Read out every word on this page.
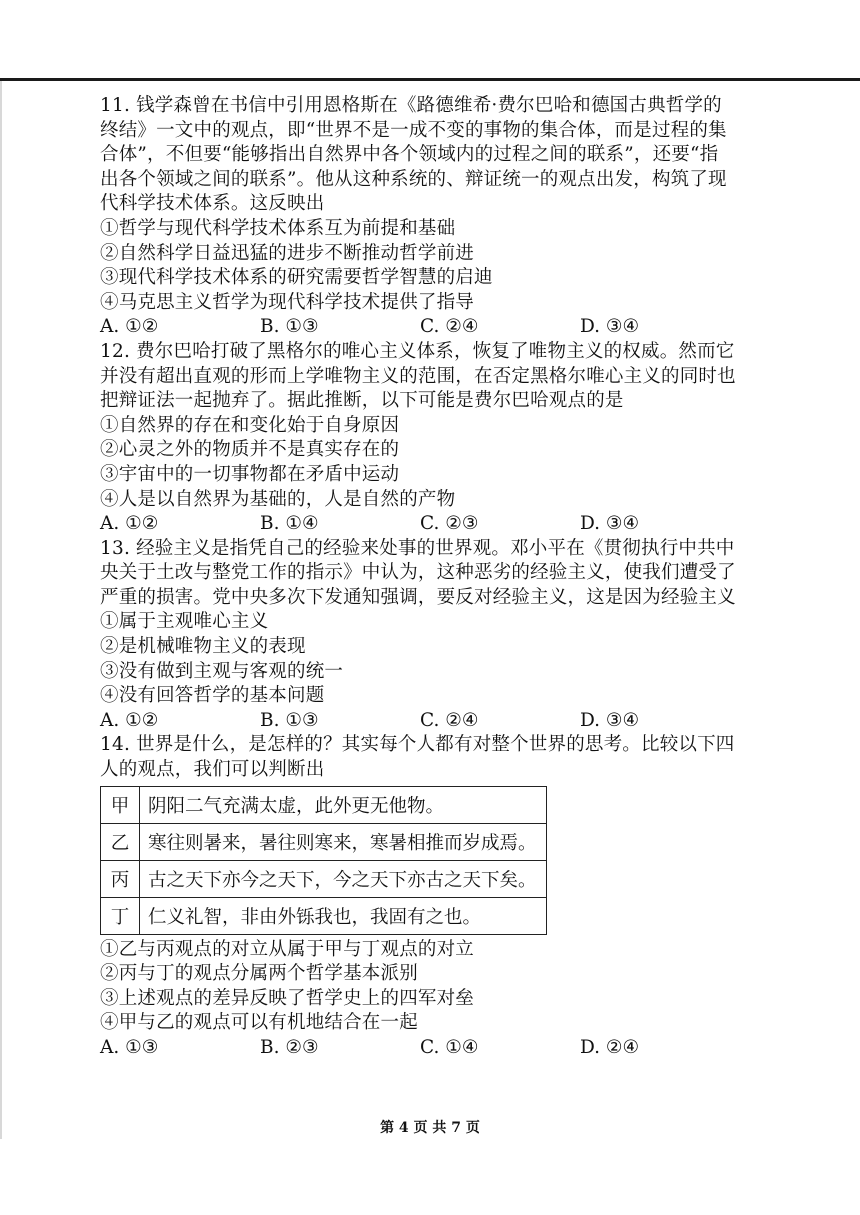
11. 钱学森曾在书信中引用恩格斯在《路德维希·费尔巴哈和德国古典哲学的
终结》一文中的观点，即“世界不是一成不变的事物的集合体，而是过程的集
合体”，不但要“能够指出自然界中各个领域内的过程之间的联系”，还要“指
出各个领域之间的联系”。他从这种系统的、辩证统一的观点出发，构筑了现
代科学技术体系。这反映出
①哲学与现代科学技术体系互为前提和基础
②自然科学日益迅猛的进步不断推动哲学前进
③现代科学技术体系的研究需要哲学智慧的启迪
④马克思主义哲学为现代科学技术提供了指导
A. ①②	B. ①③	C. ②④	D. ③④
12. 费尔巴哈打破了黑格尔的唯心主义体系，恢复了唯物主义的权威。然而它
并没有超出直观的形而上学唯物主义的范围，在否定黑格尔唯心主义的同时也
把辩证法一起抛弃了。据此推断，以下可能是费尔巴哈观点的是
①自然界的存在和变化始于自身原因
②心灵之外的物质并不是真实存在的
③宇宙中的一切事物都在矛盾中运动
④人是以自然界为基础的，人是自然的产物
A. ①②	B. ①④	C. ②③	D. ③④
13. 经验主义是指凭自己的经验来处事的世界观。邓小平在《贯彻执行中共中
央关于土改与整党工作的指示》中认为，这种恶劣的经验主义，使我们遭受了
严重的损害。党中央多次下发通知强调，要反对经验主义，这是因为经验主义
①属于主观唯心主义
②是机械唯物主义的表现
③没有做到主观与客观的统一
④没有回答哲学的基本问题
A. ①②	B. ①③	C. ②④	D. ③④
14. 世界是什么，是怎样的？其实每个人都有对整个世界的思考。比较以下四
人的观点，我们可以判断出
甲	阴阳二气充满太虚，此外更无他物。
乙	寒往则暑来，暑往则寒来，寒暑相推而岁成焉。
丙	古之天下亦今之天下，今之天下亦古之天下矣。
丁	仁义礼智，非由外铄我也，我固有之也。
①乙与丙观点的对立从属于甲与丁观点的对立
②丙与丁的观点分属两个哲学基本派别
③上述观点的差异反映了哲学史上的四军对垒
④甲与乙的观点可以有机地结合在一起
A. ①③	B. ②③	C. ①④	D. ②④
第 4 页 共 7 页
